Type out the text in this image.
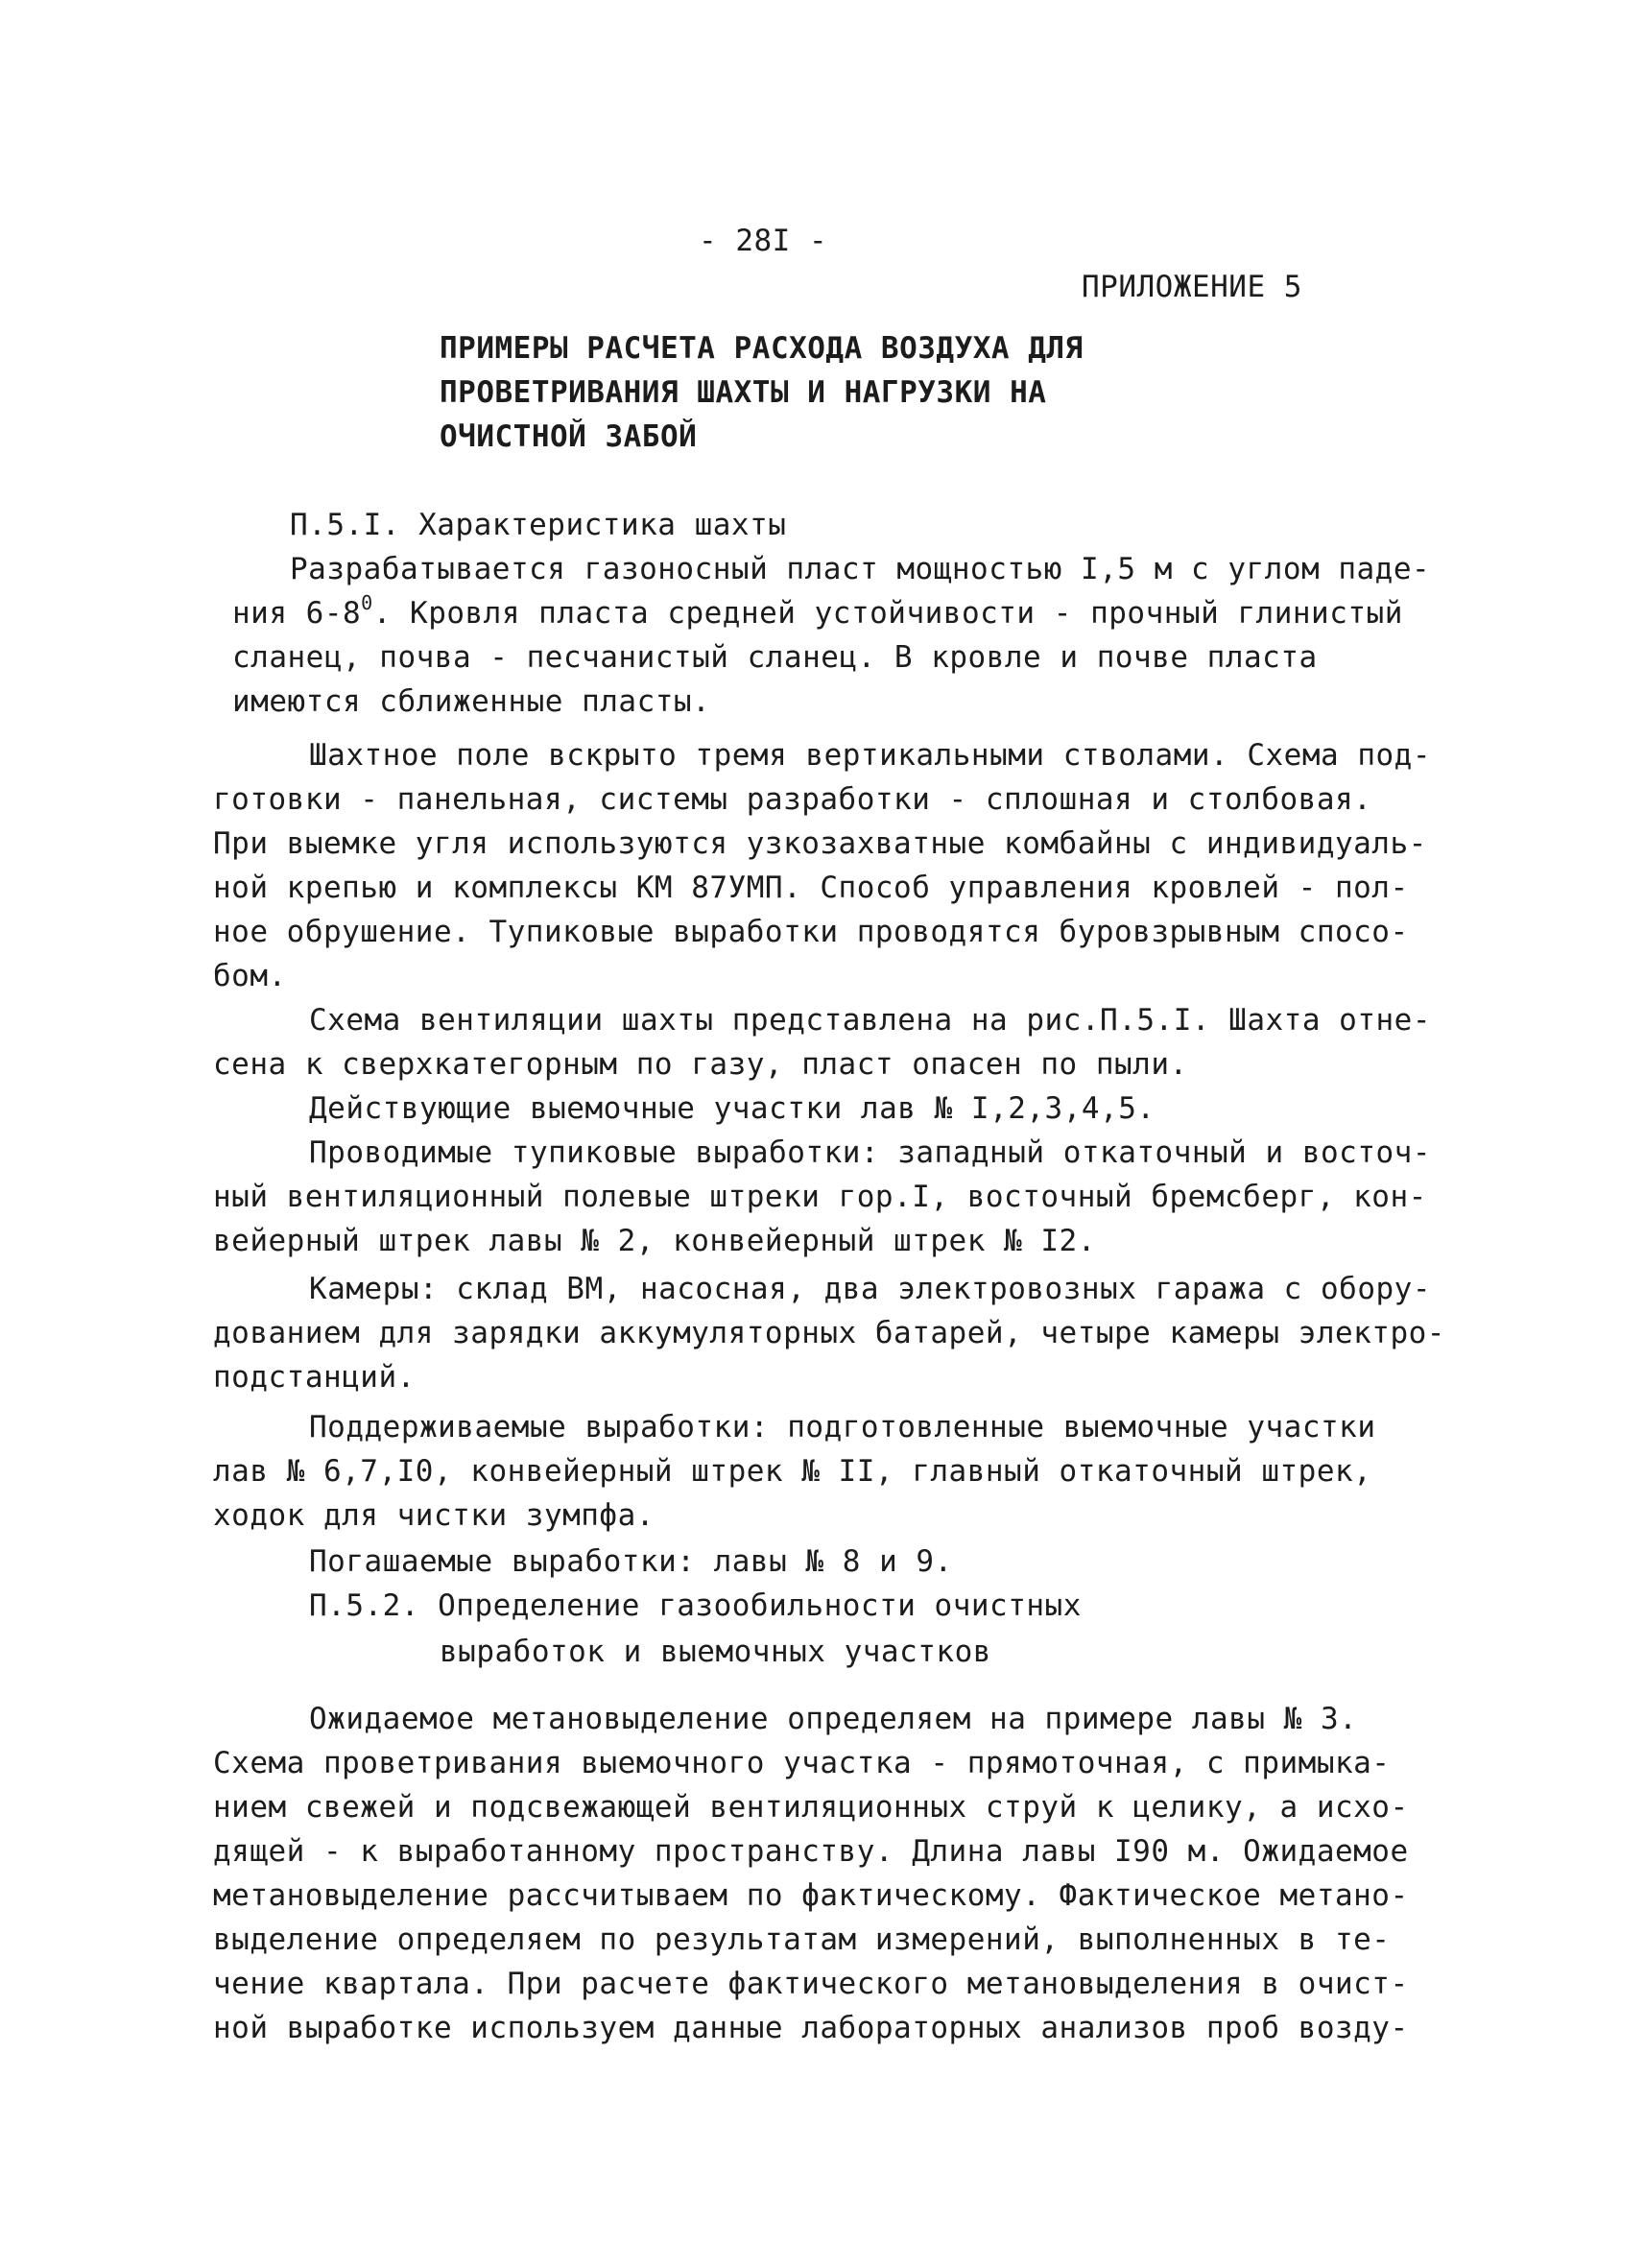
- 28I -
ПРИЛОЖЕНИЕ 5
ПРИМЕРЫ РАСЧЕТА РАСХОДА ВОЗДУХА ДЛЯ
ПРОВЕТРИВАНИЯ ШАХТЫ И НАГРУЗКИ НА
ОЧИСТНОЙ ЗАБОЙ
П.5.I. Характеристика шахты
Разрабатывается газоносный пласт мощностью I,5 м с углом паде-
ния $6-8^0$. Кровля пласта средней устойчивости - прочный глинистый
сланец, почва - песчанистый сланец. В кровле и почве пласта
имеются сближенные пласты.
Шахтное поле вскрыто тремя вертикальными стволами. Схема под-
готовки - панельная, системы разработки - сплошная и столбовая.
При выемке угля используются узкозахватные комбайны с индивидуаль-
ной крепью и комплексы КМ 87УМП. Способ управления кровлей - пол-
ное обрушение. Тупиковые выработки проводятся буровзрывным спосо-
бом.
Схема вентиляции шахты представлена на рис.П.5.I. Шахта отне-
сена к сверхкатегорным по газу, пласт опасен по пыли.
Действующие выемочные участки лав № I,2,3,4,5.
Проводимые тупиковые выработки: западный откаточный и восточ-
ный вентиляционный полевые штреки гор.I, восточный бремсберг, кон-
вейерный штрек лавы № 2, конвейерный штрек № I2.
Камеры: склад ВМ, насосная, два электровозных гаража с обору-
дованием для зарядки аккумуляторных батарей, четыре камеры электро-
подстанций.
Поддерживаемые выработки: подготовленные выемочные участки
лав № 6,7,I0, конвейерный штрек № II, главный откаточный штрек,
ходок для чистки зумпфа.
Погашаемые выработки: лавы № 8 и 9.
П.5.2. Определение газообильности очистных
выработок и выемочных участков
Ожидаемое метановыделение определяем на примере лавы № 3.
Схема проветривания выемочного участка - прямоточная, с примыка-
нием свежей и подсвежающей вентиляционных струй к целику, а исхо-
дящей - к выработанному пространству. Длина лавы I90 м. Ожидаемое
метановыделение рассчитываем по фактическому. Фактическое метано-
выделение определяем по результатам измерений, выполненных в те-
чение квартала. При расчете фактического метановыделения в очист-
ной выработке используем данные лабораторных анализов проб возду-
